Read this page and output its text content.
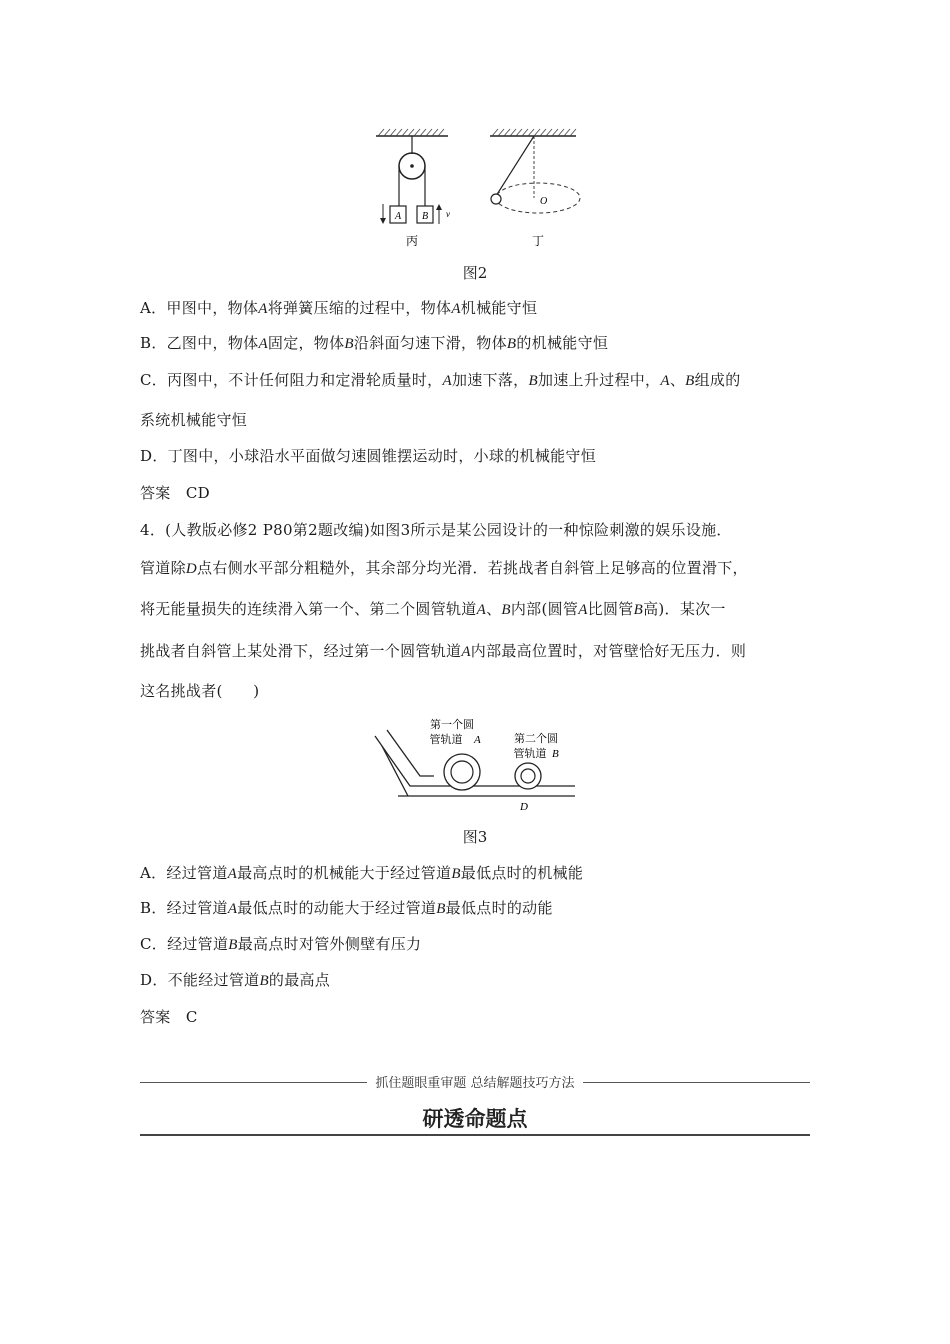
A B v
丙
O
丁
图2
A．甲图中，物体A将弹簧压缩的过程中，物体A机械能守恒
B．乙图中，物体A固定，物体B沿斜面匀速下滑，物体B的机械能守恒
C．丙图中，不计任何阻力和定滑轮质量时，A加速下落，B加速上升过程中，A、B组成的
系统机械能守恒
D．丁图中，小球沿水平面做匀速圆锥摆运动时，小球的机械能守恒
答案　CD
4．(人教版必修2 P80第2题改编)如图3所示是某公园设计的一种惊险刺激的娱乐设施．
管道除D点右侧水平部分粗糙外，其余部分均光滑．若挑战者自斜管上足够高的位置滑下，
将无能量损失的连续滑入第一个、第二个圆管轨道A、B内部(圆管A比圆管B高)．某次一
挑战者自斜管上某处滑下，经过第一个圆管轨道A内部最高位置时，对管壁恰好无压力．则
这名挑战者(　　)
第一个圆
管轨道 A	第二个圆
管轨道 B
D
图3
A．经过管道A最高点时的机械能大于经过管道B最低点时的机械能
B．经过管道A最低点时的动能大于经过管道B最低点时的动能
C．经过管道B最高点时对管外侧壁有压力
D．不能经过管道B的最高点
答案　C
抓住题眼重审题 总结解题技巧方法
研透命题点
